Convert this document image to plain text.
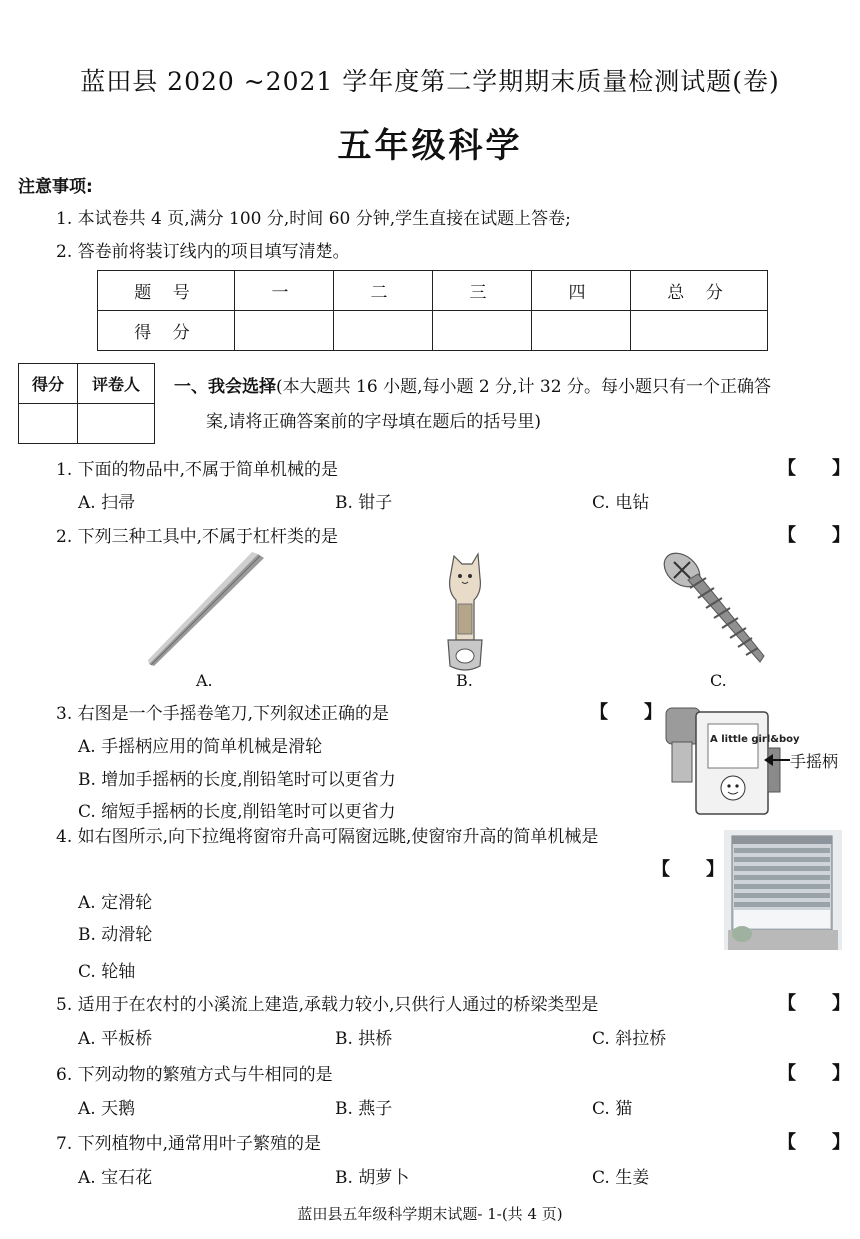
蓝田县 2020 ~2021 学年度第二学期期末质量检测试题(卷)
五年级科学
注意事项:
1. 本试卷共 4 页,满分 100 分,时间 60 分钟,学生直接在试题上答卷;
2. 答卷前将装订线内的项目填写清楚。
题 号	一	二	三	四	总 分
得 分					
得分	评卷人
	一、我会选择(本大题共 16 小题,每小题 2 分,计 32 分。每小题只有一个正确答
案,请将正确答案前的字母填在题后的括号里)
1. 下面的物品中,不属于简单机械的是	【 】
A. 扫帚	B. 钳子	C. 电钻
2. 下列三种工具中,不属于杠杆类的是	【 】
A.	B.	C.
3. 右图是一个手摇卷笔刀,下列叙述正确的是	【 】
A. 手摇柄应用的简单机械是滑轮
B. 增加手摇柄的长度,削铅笔时可以更省力
C. 缩短手摇柄的长度,削铅笔时可以更省力
A little girl&boy
手摇柄
4. 如右图所示,向下拉绳将窗帘升高可隔窗远眺,使窗帘升高的简单机械是
【 】
A. 定滑轮
B. 动滑轮
C. 轮轴
5. 适用于在农村的小溪流上建造,承载力较小,只供行人通过的桥梁类型是	【 】
A. 平板桥	B. 拱桥	C. 斜拉桥
6. 下列动物的繁殖方式与牛相同的是	【 】
A. 天鹅	B. 燕子	C. 猫
7. 下列植物中,通常用叶子繁殖的是	【 】
A. 宝石花	B. 胡萝卜	C. 生姜
蓝田县五年级科学期末试题- 1-(共 4 页)
